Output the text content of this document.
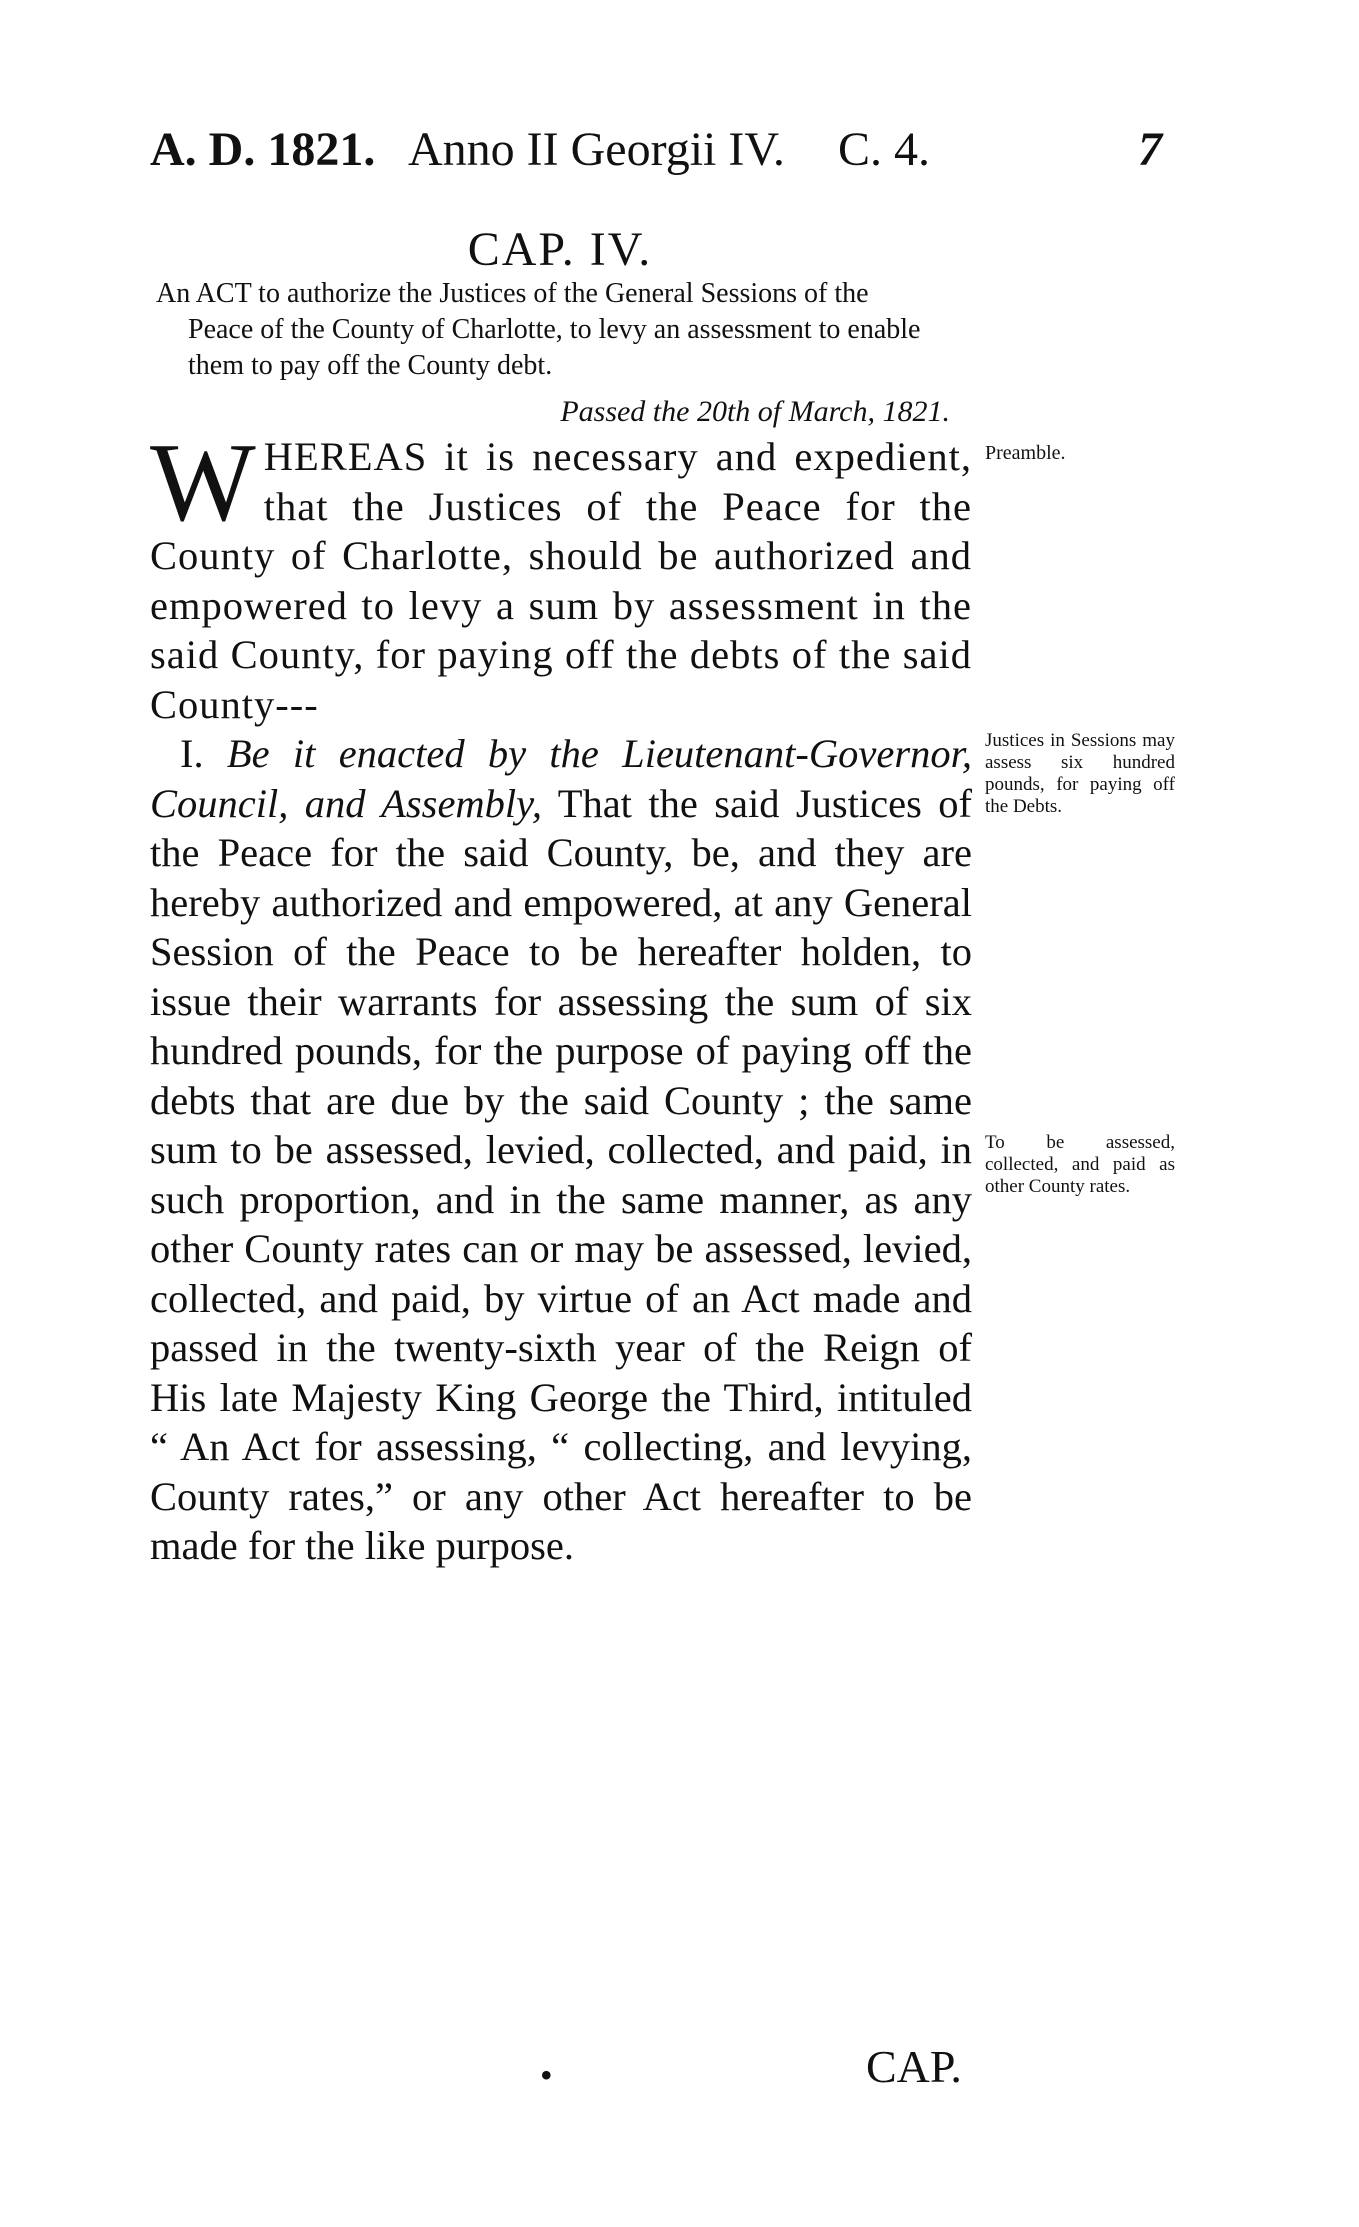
A. D. 1821. Anno II Georgii IV. C. 4.	7
CAP. IV.
An ACT to authorize the Justices of the General Sessions of the
Peace of the County of Charlotte, to levy an assessment to enable
them to pay off the County debt.
Passed the 20th of March, 1821.

WHEREAS it is necessary and expedient, that the Justices of the Peace for the County of Charlotte, should be authorized and empowered to levy a sum by assessment in the said County, for paying off the debts of the said County---

I. Be it enacted by the Lieutenant-Governor, Council, and Assembly, That the said Justices of the Peace for the said County, be, and they are hereby authorized and empowered, at any General Session of the Peace to be hereafter holden, to issue their warrants for assessing the sum of six hundred pounds, for the purpose of paying off the debts that are due by the said County ; the same sum to be assessed, levied, collected, and paid, in such proportion, and in the same manner, as any other County rates can or may be assessed, levied, collected, and paid, by virtue of an Act made and passed in the twenty-sixth year of the Reign of His late Majesty King George the Third, intituled “ An Act for assessing, “ collecting, and levying, County rates,” or any other Act hereafter to be made for the like purpose.

Preamble.
Justices in Sessions may assess six hundred pounds, for paying off the Debts.
To be assessed, collected, and paid as other County rates.
•	CAP.
